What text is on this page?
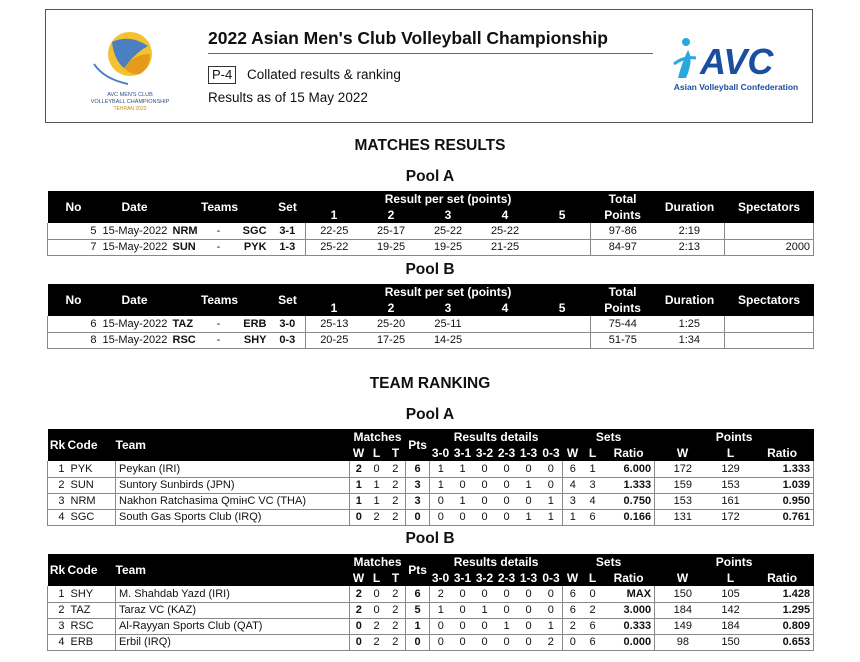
AVC MEN'S CLUB
VOLLEYBALL CHAMPIONSHIP
TEHRAN 2022
2022 Asian Men's Club Volleyball Championship
P-4 Collated results & ranking
Results as of 15 May 2022
AVC
Asian Volleyball Confederation
MATCHES RESULTS
Pool A
No	Date	Teams			Set	Result per set (points)					Total	Duration	Spectators
						1	2	3	4	5	Points		
5	15-May-2022	NRM	-	SGC	3-1	22-25	25-17	25-22	25-22		97-86	2:19	
7	15-May-2022	SUN	-	PYK	1-3	25-22	19-25	19-25	21-25		84-97	2:13	2000
Pool B
No	Date	Teams			Set	Result per set (points)					Total	Duration	Spectators
						1	2	3	4	5	Points		
6	15-May-2022	TAZ	-	ERB	3-0	25-13	25-20	25-11			75-44	1:25	
8	15-May-2022	RSC	-	SHY	0-3	20-25	17-25	14-25			51-75	1:34	
TEAM RANKING
Pool A
Rk	Code	Team	Matches			Pts	Results details						Sets			Points		
			W	L	T		3-0	3-1	3-2	2-3	1-3	0-3	W	L	Ratio	W	L	Ratio
1	PYK	Peykan (IRI)	2	0	2	6	1	1	0	0	0	0	6	1	6.000	172	129	1.333
2	SUN	Suntory Sunbirds (JPN)	1	1	2	3	1	0	0	0	1	0	4	3	1.333	159	153	1.039
3	NRM	Nakhon Ratchasima QmінC VC (THA)	1	1	2	3	0	1	0	0	0	1	3	4	0.750	153	161	0.950
4	SGC	South Gas Sports Club (IRQ)	0	2	2	0	0	0	0	0	1	1	1	6	0.166	131	172	0.761
Pool B
Rk	Code	Team	Matches			Pts	Results details						Sets			Points		
			W	L	T		3-0	3-1	3-2	2-3	1-3	0-3	W	L	Ratio	W	L	Ratio
1	SHY	M. Shahdab Yazd (IRI)	2	0	2	6	2	0	0	0	0	0	6	0	MAX	150	105	1.428
2	TAZ	Taraz VC (KAZ)	2	0	2	5	1	0	1	0	0	0	6	2	3.000	184	142	1.295
3	RSC	Al-Rayyan Sports Club (QAT)	0	2	2	1	0	0	0	1	0	1	2	6	0.333	149	184	0.809
4	ERB	Erbil (IRQ)	0	2	2	0	0	0	0	0	0	2	0	6	0.000	98	150	0.653
